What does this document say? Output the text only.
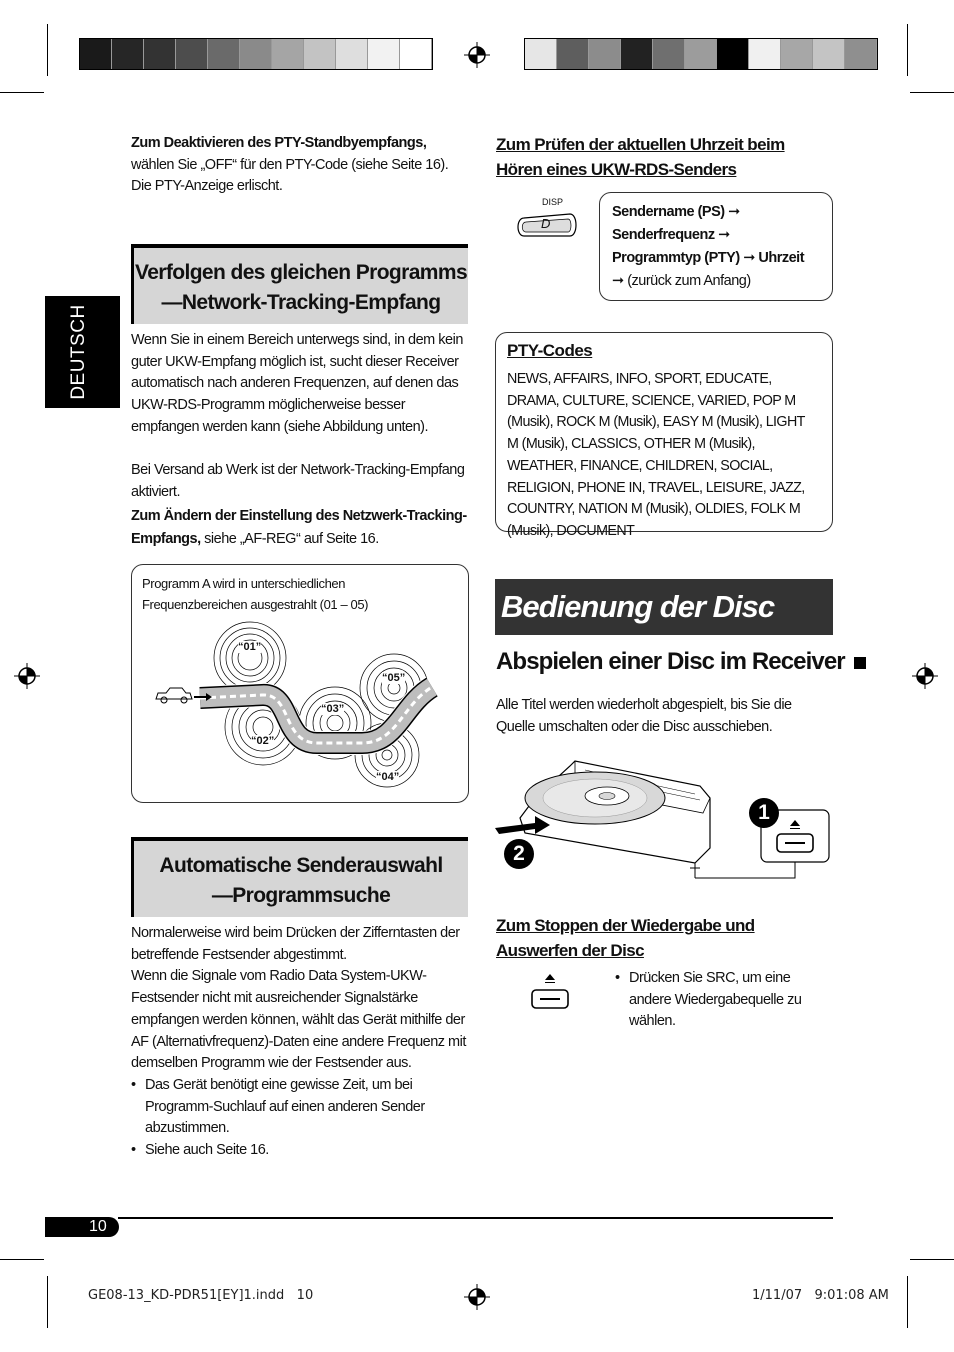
DEUTSCH
Zum Deaktivieren des PTY-Standbyempfangs,
wählen Sie „OFF“ für den PTY-Code (siehe Seite 16). Die PTY-Anzeige erlischt.
Verfolgen des gleichen Programms
—Network-Tracking-Empfang
Wenn Sie in einem Bereich unterwegs sind, in dem kein guter UKW-Empfang möglich ist, sucht dieser Receiver automatisch nach anderen Frequenzen, auf denen das UKW-RDS-Programm möglicherweise besser empfangen werden kann (siehe Abbildung unten).
Bei Versand ab Werk ist der Network-Tracking-Empfang aktiviert.
Zum Ändern der Einstellung des Netzwerk-Tracking-Empfangs, siehe „AF-REG“ auf Seite 16.
Programm A wird in unterschiedlichen
Frequenzbereichen ausgestrahlt (01 – 05)
“01”
“02”
“03”
“04”
“05”
Automatische Senderauswahl
—Programmsuche
Normalerweise wird beim Drücken der Zifferntasten der betreffende Festsender abgestimmt.
Wenn die Signale vom Radio Data System-UKW-Festsender nicht mit ausreichender Signalstärke empfangen werden können, wählt das Gerät mithilfe der AF (Alternativfrequenz)-Daten eine andere Frequenz mit demselben Programm wie der Festsender aus.
• Das Gerät benötigt eine gewisse Zeit, um bei Programm-Suchlauf auf einen anderen Sender abzustimmen.
• Siehe auch Seite 16.
Zum Prüfen der aktuellen Uhrzeit beim
Hören eines UKW-RDS-Senders
DISP
D
Sendername (PS) ➞
Senderfrequenz ➞
Programmtyp (PTY) ➞ Uhrzeit
➞ (zurück zum Anfang)
PTY-Codes
NEWS, AFFAIRS, INFO, SPORT, EDUCATE, DRAMA, CULTURE, SCIENCE, VARIED, POP M (Musik), ROCK M (Musik), EASY M (Musik), LIGHT M (Musik), CLASSICS, OTHER M (Musik), WEATHER, FINANCE, CHILDREN, SOCIAL, RELIGION, PHONE IN, TRAVEL, LEISURE, JAZZ, COUNTRY, NATION M (Musik), OLDIES, FOLK M (Musik), DOCUMENT
Bedienung der Disc
Abspielen einer Disc im Receiver
Alle Titel werden wiederholt abgespielt, bis Sie die Quelle umschalten oder die Disc ausschieben.
1
2
Zum Stoppen der Wiedergabe und
Auswerfen der Disc
• Drücken Sie SRC, um eine andere Wiedergabequelle zu wählen.
10
GE08-13_KD-PDR51[EY]1.indd   10	1/11/07   9:01:08 AM
